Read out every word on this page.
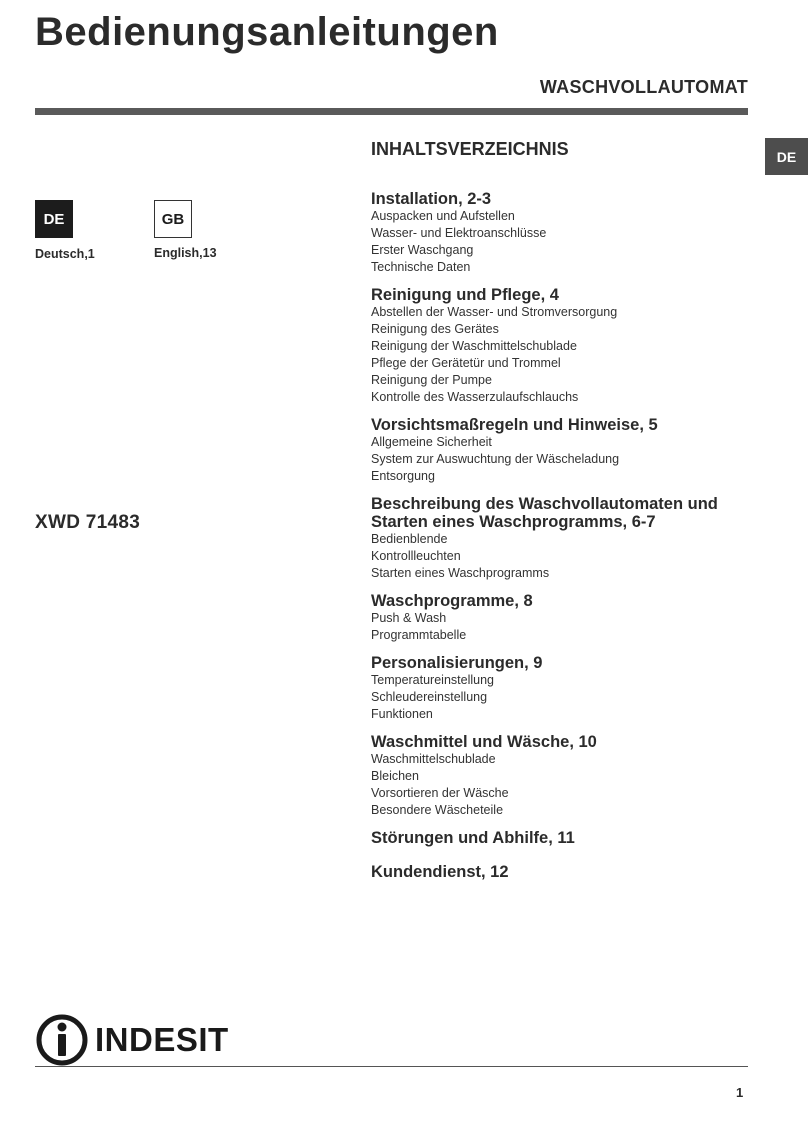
Bedienungsanleitungen
WASCHVOLLAUTOMAT
DE
INHALTSVERZEICHNIS
DE	GB
Deutsch,1	English,13
XWD 71483
Installation, 2-3
Auspacken und Aufstellen
Wasser- und Elektroanschlüsse
Erster Waschgang
Technische Daten
Reinigung und Pflege, 4
Abstellen der Wasser- und Stromversorgung
Reinigung des Gerätes
Reinigung der Waschmittelschublade
Pflege der Gerätetür und Trommel
Reinigung der Pumpe
Kontrolle des Wasserzulaufschlauchs
Vorsichtsmaßregeln und Hinweise, 5
Allgemeine Sicherheit
System zur Auswuchtung der Wäscheladung
Entsorgung
Beschreibung des Waschvollautomaten und
Starten eines Waschprogramms, 6-7
Bedienblende
Kontrollleuchten
Starten eines Waschprogramms
Waschprogramme, 8
Push & Wash
Programmtabelle
Personalisierungen, 9
Temperatureinstellung
Schleudereinstellung
Funktionen
Waschmittel und Wäsche, 10
Waschmittelschublade
Bleichen
Vorsortieren der Wäsche
Besondere Wäscheteile
Störungen und Abhilfe, 11
Kundendienst, 12
INDESIT
1
